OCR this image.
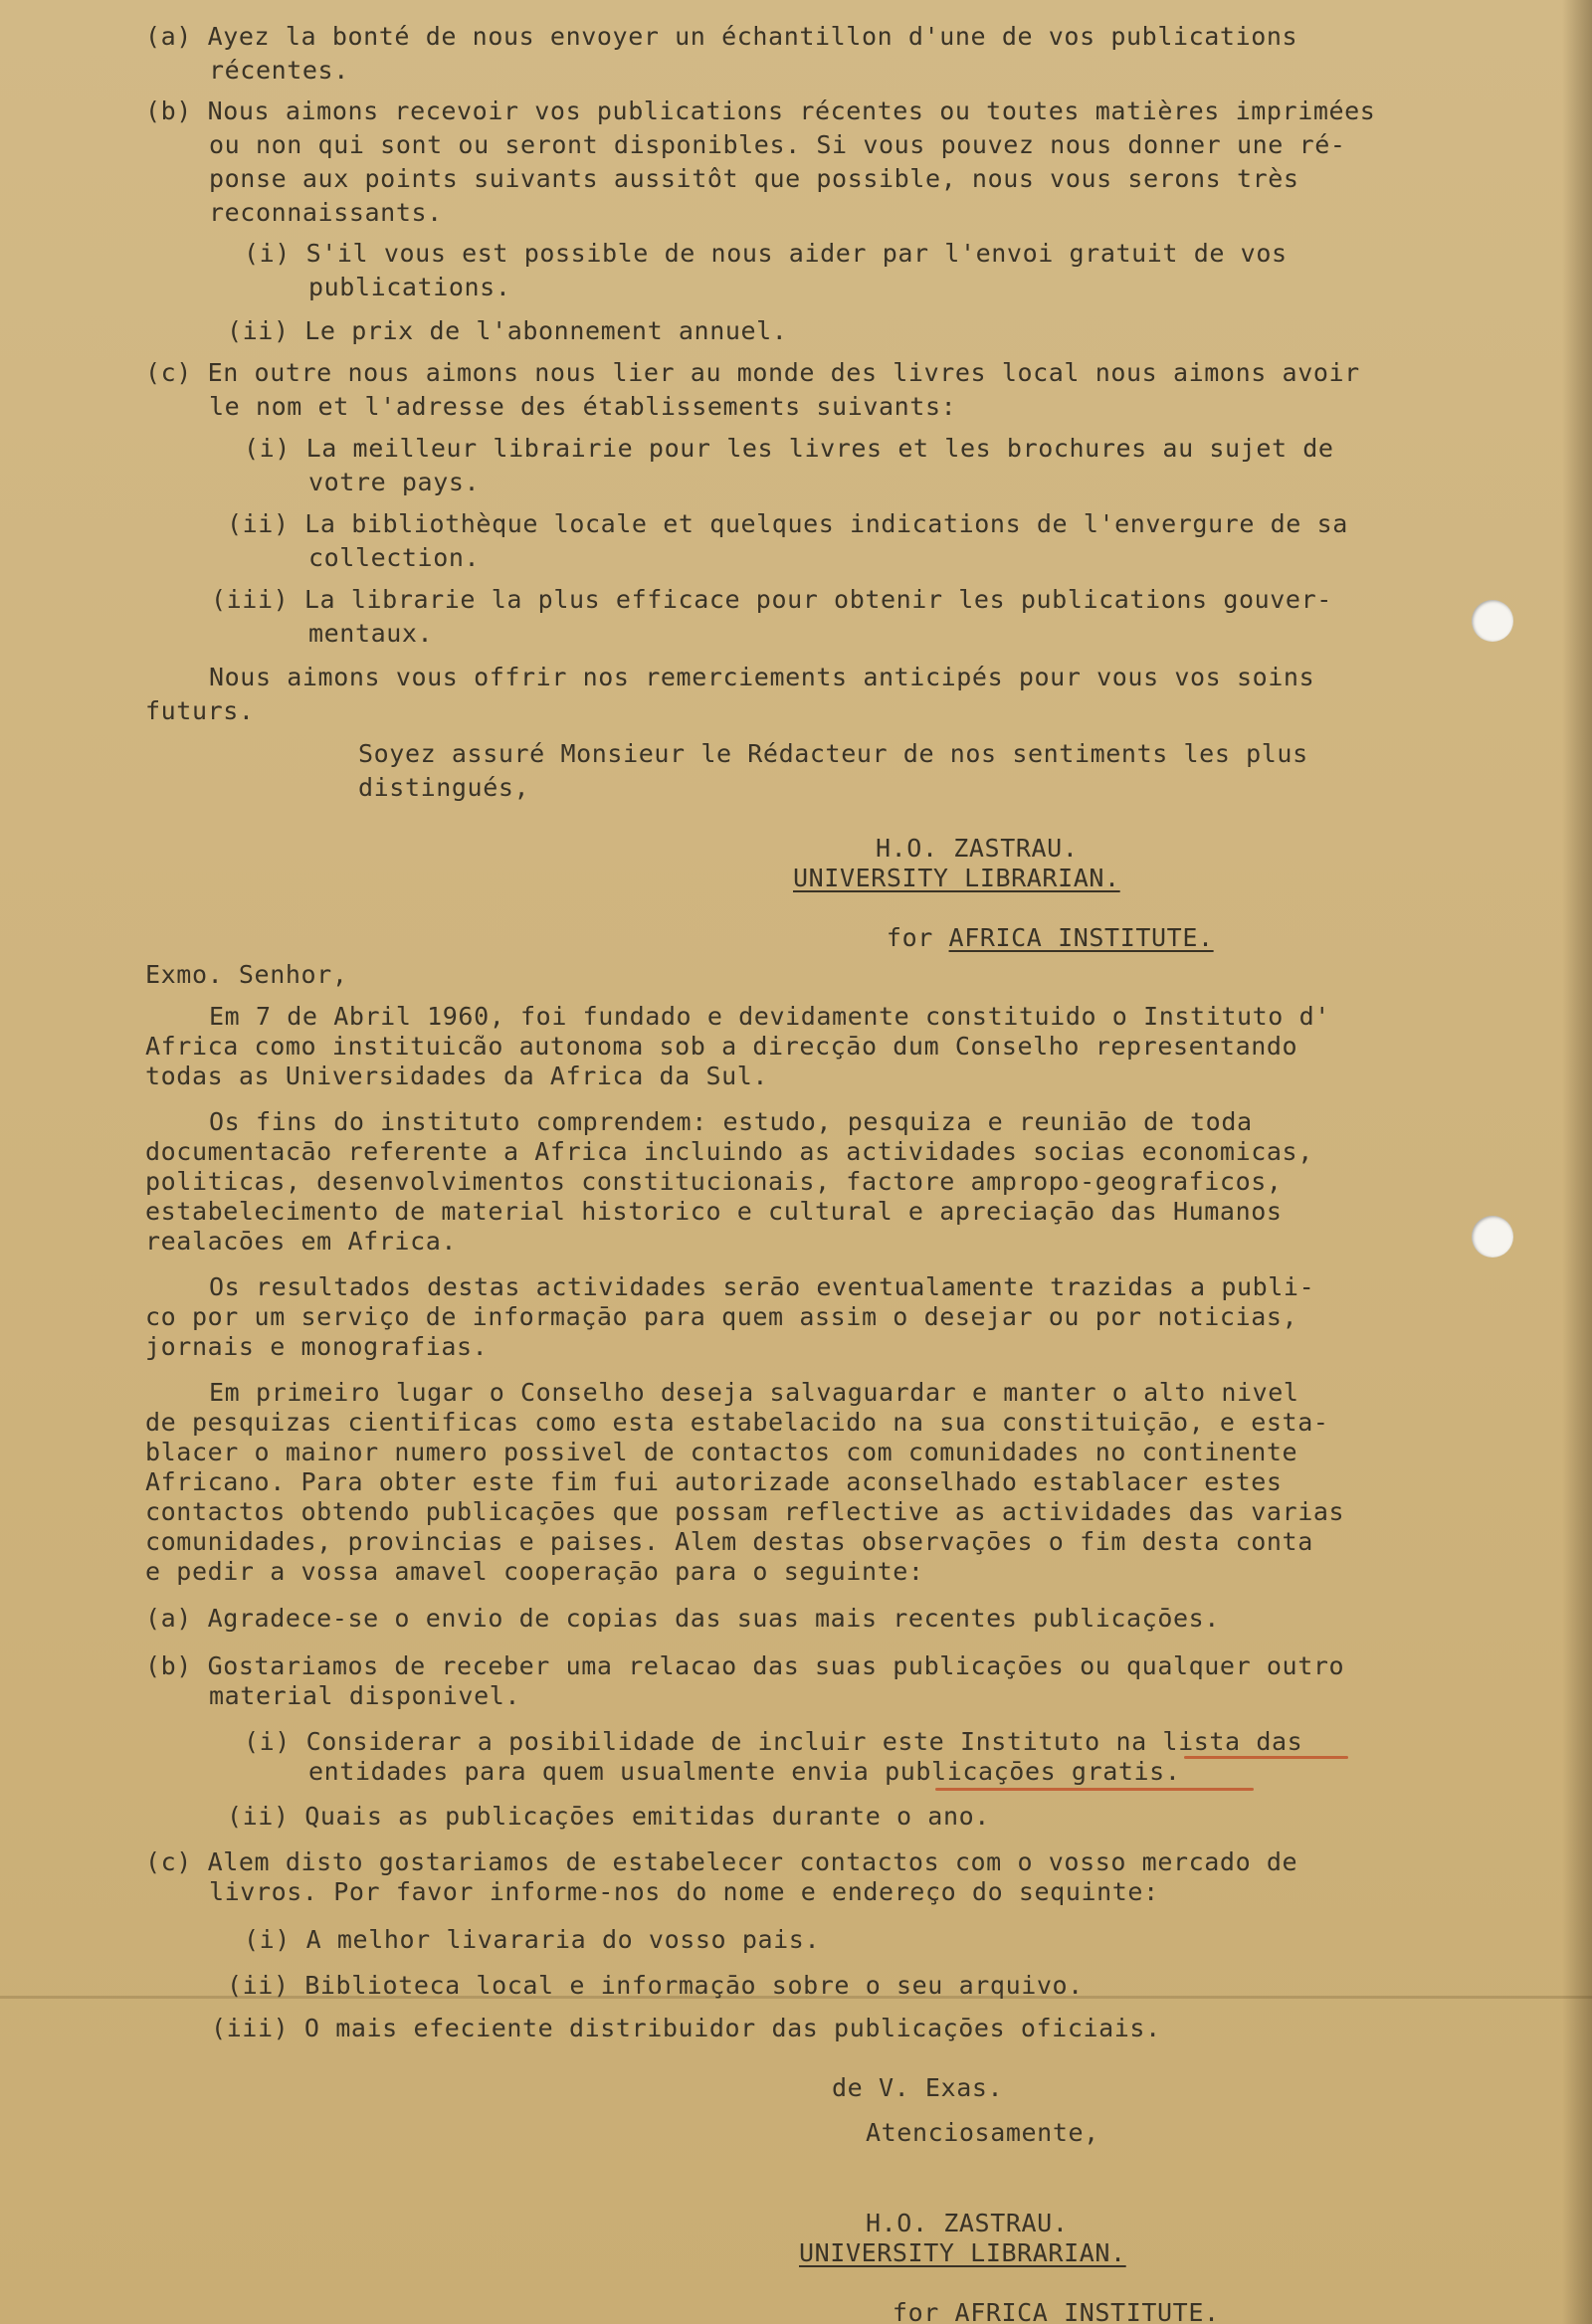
(a) Ayez la bonté de nous envoyer un échantillon d'une de vos publications
récentes.
(b) Nous aimons recevoir vos publications récentes ou toutes matières imprimées
ou non qui sont ou seront disponibles. Si vous pouvez nous donner une ré-
ponse aux points suivants aussitôt que possible, nous vous serons très
reconnaissants.
(i) S'il vous est possible de nous aider par l'envoi gratuit de vos
publications.
(ii) Le prix de l'abonnement annuel.
(c) En outre nous aimons nous lier au monde des livres local nous aimons avoir
le nom et l'adresse des établissements suivants:
(i) La meilleur librairie pour les livres et les brochures au sujet de
votre pays.
(ii) La bibliothèque locale et quelques indications de l'envergure de sa
collection.
(iii) La librarie la plus efficace pour obtenir les publications gouver-
mentaux.
Nous aimons vous offrir nos remerciements anticipés pour vous vos soins
futurs.
Soyez assuré Monsieur le Rédacteur de nos sentiments les plus
distingués,
H.O. ZASTRAU.
UNIVERSITY LIBRARIAN.

for AFRICA INSTITUTE.

Exmo. Senhor,
Em 7 de Abril 1960, foi fundado e devidamente constituido o Instituto d'
Africa como instituicão autonoma sob a direcçāo dum Conselho representando
todas as Universidades da Africa da Sul.
Os fins do instituto comprendem: estudo, pesquiza e reuniāo de toda
documentacāo referente a Africa incluindo as actividades socias economicas,
politicas, desenvolvimentos constitucionais, factore ampropo-geograficos,
estabelecimento de material historico e cultural e apreciaçāo das Humanos
realacōes em Africa.
Os resultados destas actividades serāo eventualamente trazidas a publi-
co por um serviço de informaçāo para quem assim o desejar ou por noticias,
jornais e monografias.
Em primeiro lugar o Conselho deseja salvaguardar e manter o alto nivel
de pesquizas cientificas como esta estabelacido na sua constituiçāo, e esta-
blacer o mainor numero possivel de contactos com comunidades no continente
Africano. Para obter este fim fui autorizade aconselhado establacer estes
contactos obtendo publicaçōes que possam reflective as actividades das varias
comunidades, provincias e paises. Alem destas observaçōes o fim desta conta
e pedir a vossa amavel cooperaçāo para o seguinte:
(a) Agradece-se o envio de copias das suas mais recentes publicaçōes.
(b) Gostariamos de receber uma relacao das suas publicaçōes ou qualquer outro
material disponivel.
(i) Considerar a posibilidade de incluir este Instituto na lista das
entidades para quem usualmente envia publicaçōes gratis.
(ii) Quais as publicaçōes emitidas durante o ano.
(c) Alem disto gostariamos de estabelecer contactos com o vosso mercado de
livros. Por favor informe-nos do nome e endereço do sequinte:
(i) A melhor livararia do vosso pais.
(ii) Biblioteca local e informaçāo sobre o seu arquivo.
(iii) O mais efeciente distribuidor das publicaçōes oficiais.
de V. Exas.
Atenciosamente,
H.O. ZASTRAU.
UNIVERSITY LIBRARIAN.

for AFRICA INSTITUTE.
